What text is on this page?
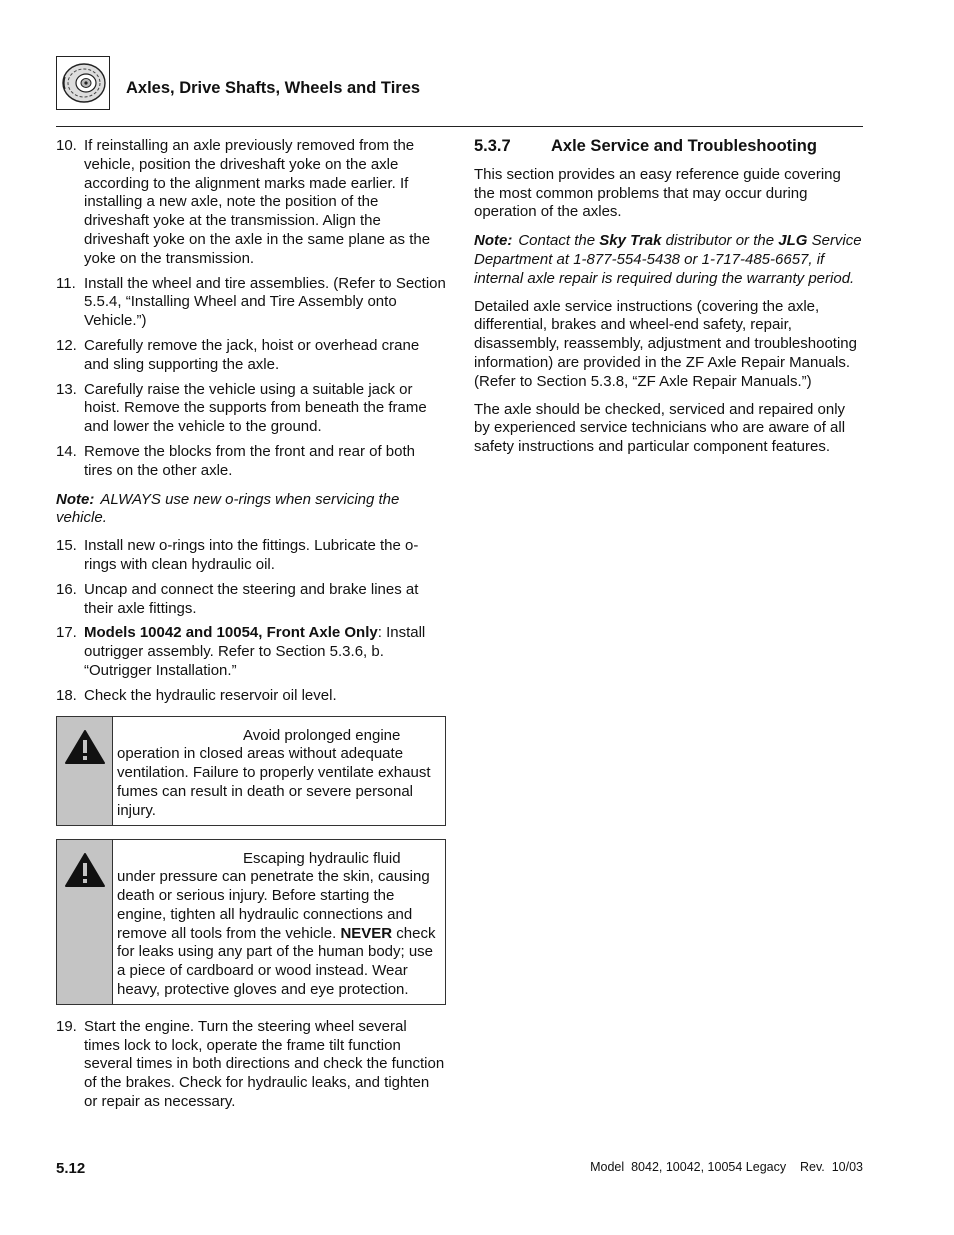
Axles, Drive Shafts, Wheels and Tires
10. If reinstalling an axle previously removed from the vehicle, position the driveshaft yoke on the axle according to the alignment marks made earlier. If installing a new axle, note the position of the driveshaft yoke at the transmission. Align the driveshaft yoke on the axle in the same plane as the yoke on the transmission.
11. Install the wheel and tire assemblies. (Refer to Section 5.5.4, “Installing Wheel and Tire Assembly onto Vehicle.”)
12. Carefully remove the jack, hoist or overhead crane and sling supporting the axle.
13. Carefully raise the vehicle using a suitable jack or hoist. Remove the supports from beneath the frame and lower the vehicle to the ground.
14. Remove the blocks from the front and rear of both tires on the other axle.
Note: ALWAYS use new o-rings when servicing the vehicle.
15. Install new o-rings into the fittings. Lubricate the o-rings with clean hydraulic oil.
16. Uncap and connect the steering and brake lines at their axle fittings.
17. Models 10042 and 10054, Front Axle Only: Install outrigger assembly. Refer to Section 5.3.6, b. “Outrigger Installation.”
18. Check the hydraulic reservoir oil level.
Avoid prolonged engine operation in closed areas without adequate ventilation. Failure to properly ventilate exhaust fumes can result in death or severe personal injury.
Escaping hydraulic fluid under pressure can penetrate the skin, causing death or serious injury. Before starting the engine, tighten all hydraulic connections and remove all tools from the vehicle. NEVER check for leaks using any part of the human body; use a piece of cardboard or wood instead. Wear heavy, protective gloves and eye protection.
19. Start the engine. Turn the steering wheel several times lock to lock, operate the frame tilt function several times in both directions and check the function of the brakes. Check for hydraulic leaks, and tighten or repair as necessary.
5.3.7 Axle Service and Troubleshooting

This section provides an easy reference guide covering the most common problems that may occur during operation of the axles.

Note: Contact the Sky Trak distributor or the JLG Service Department at 1-877-554-5438 or 1-717-485-6657, if internal axle repair is required during the warranty period.

Detailed axle service instructions (covering the axle, differential, brakes and wheel-end safety, repair, disassembly, reassembly, adjustment and troubleshooting information) are provided in the ZF Axle Repair Manuals. (Refer to Section 5.3.8, “ZF Axle Repair Manuals.”)

The axle should be checked, serviced and repaired only by experienced service technicians who are aware of all safety instructions and particular component features.

5.12	Model  8042, 10042, 10054 Legacy    Rev.  10/03
